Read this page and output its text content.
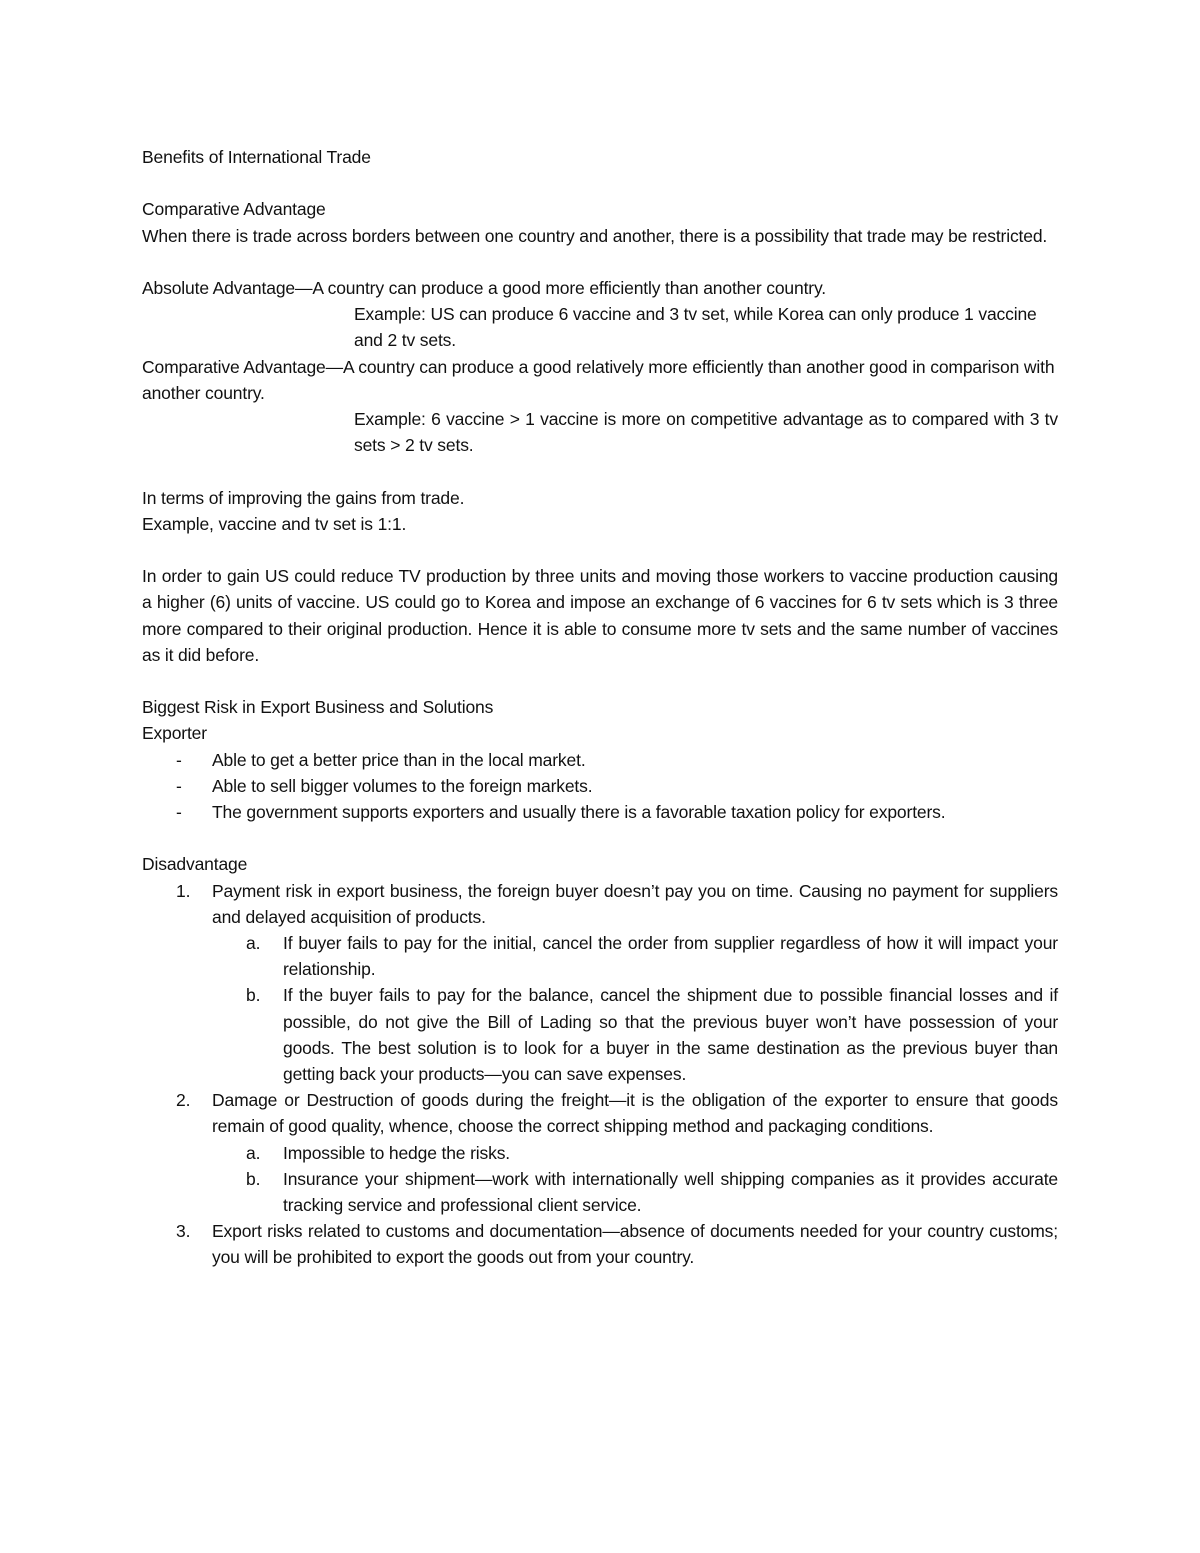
Benefits of International Trade

Comparative Advantage

When there is trade across borders between one country and another, there is a possibility that trade may be restricted.

Absolute Advantage—A country can produce a good more efficiently than another country.

Example: US can produce 6 vaccine and 3 tv set, while Korea can only produce 1 vaccine and 2 tv sets.

Comparative Advantage—A country can produce a good relatively more efficiently than another good in comparison with another country.

Example: 6 vaccine > 1 vaccine is more on competitive advantage as to compared with 3 tv sets > 2 tv sets.

In terms of improving the gains from trade.

Example, vaccine and tv set is 1:1.

In order to gain US could reduce TV production by three units and moving those workers to vaccine production causing a higher (6) units of vaccine. US could go to Korea and impose an exchange of 6 vaccines for 6 tv sets which is 3 three more compared to their original production. Hence it is able to consume more tv sets and the same number of vaccines as it did before.

Biggest Risk in Export Business and Solutions

Exporter

- Able to get a better price than in the local market.
- Able to sell bigger volumes to the foreign markets.
- The government supports exporters and usually there is a favorable taxation policy for exporters.

Disadvantage

1. Payment risk in export business, the foreign buyer doesn’t pay you on time. Causing no payment for suppliers and delayed acquisition of products.
a. If buyer fails to pay for the initial, cancel the order from supplier regardless of how it will impact your relationship.
b. If the buyer fails to pay for the balance, cancel the shipment due to possible financial losses and if possible, do not give the Bill of Lading so that the previous buyer won’t have possession of your goods. The best solution is to look for a buyer in the same destination as the previous buyer than getting back your products—you can save expenses.
2. Damage or Destruction of goods during the freight—it is the obligation of the exporter to ensure that goods remain of good quality, whence, choose the correct shipping method and packaging conditions.
a. Impossible to hedge the risks.
b. Insurance your shipment—work with internationally well shipping companies as it provides accurate tracking service and professional client service.
3. Export risks related to customs and documentation—absence of documents needed for your country customs; you will be prohibited to export the goods out from your country.
